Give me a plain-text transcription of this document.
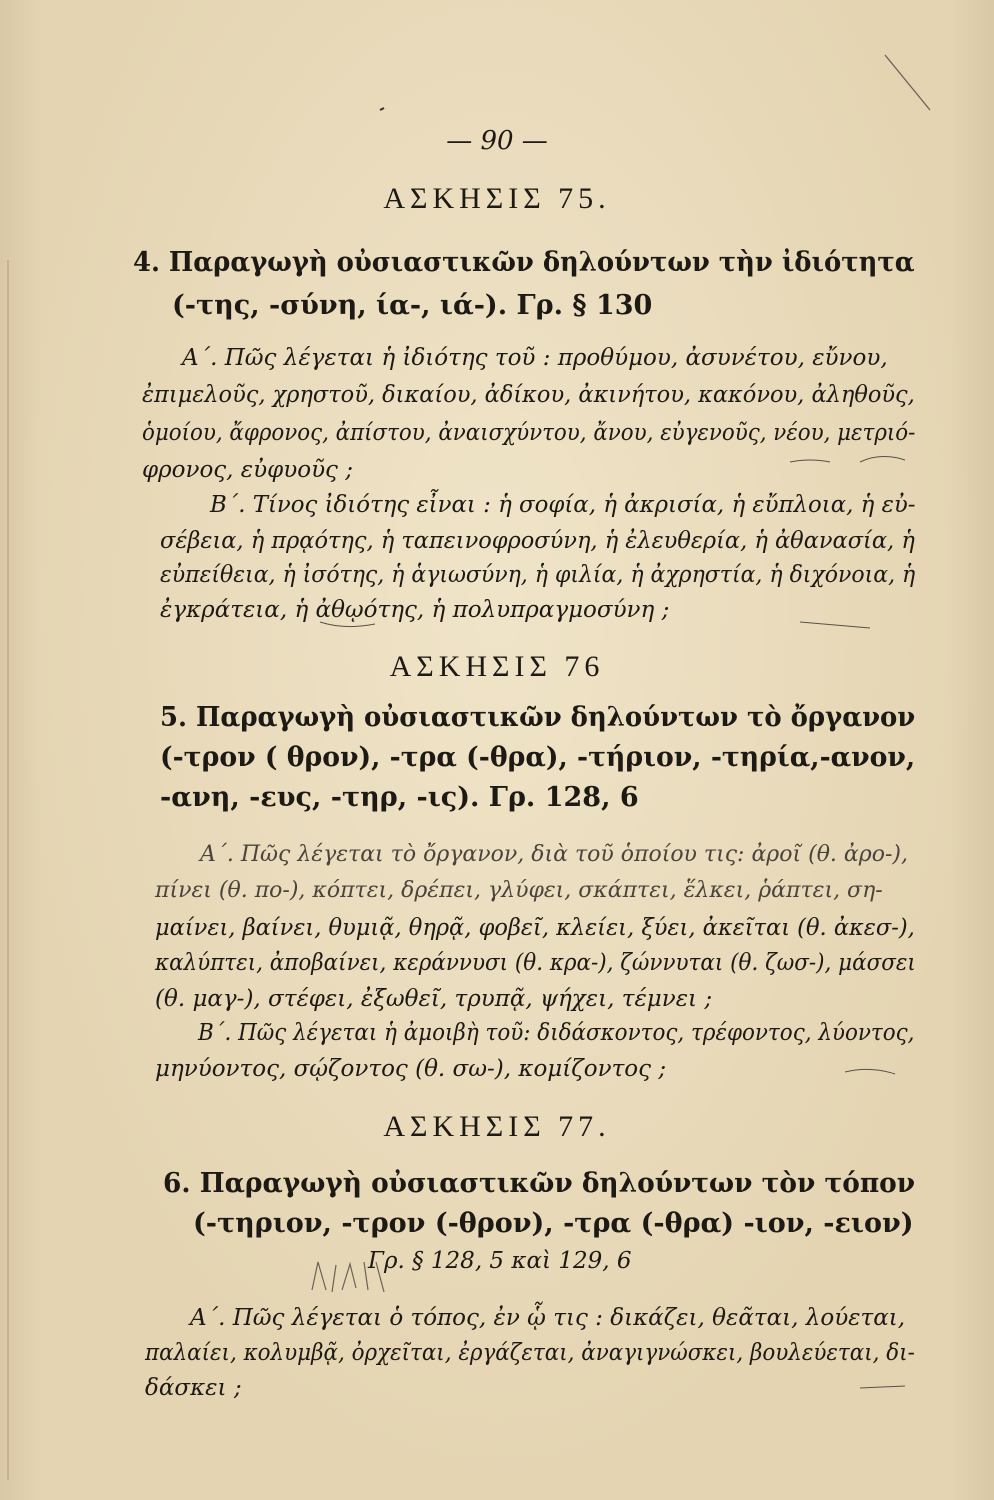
— 90 —
ΑΣΚΗΣΙΣ 75.
4. Παραγωγὴ οὐσιαστικῶν δηλούντων τὴν ἰδιότητα
(-της, -σύνη, ία-, ιά-). Γρ. § 130
Α΄. Πῶς λέγεται ἡ ἰδιότης τοῦ : προθύμου, ἀσυνέτου, εὔνου,
ἐπιμελοῦς, χρηστοῦ, δικαίου, ἀδίκου, ἀκινήτου, κακόνου, ἀληθοῦς,
ὁμοίου, ἄφρονος, ἀπίστου, ἀναισχύντου, ἄνου, εὐγενοῦς, νέου, μετριό-
φρονος, εὐφυοῦς ;
Β΄. Τίνος ἰδιότης εἶναι : ἡ σοφία, ἡ ἀκρισία, ἡ εὔπλοια, ἡ εὐ-
σέβεια, ἡ πρᾳότης, ἡ ταπεινοφροσύνη, ἡ ἐλευθερία, ἡ ἀθανασία, ἡ
εὐπείθεια, ἡ ἰσότης, ἡ ἁγιωσύνη, ἡ φιλία, ἡ ἀχρηστία, ἡ διχόνοια, ἡ
ἐγκράτεια, ἡ ἀθῳότης, ἡ πολυπραγμοσύνη ;
ΑΣΚΗΣΙΣ 76
5. Παραγωγὴ οὐσιαστικῶν δηλούντων τὸ ὄργανον
(-τρον ( θρον), -τρα (-θρα), -τήριον, -τηρία,-ανον,
-ανη, -ευς, -τηρ, -ις). Γρ. 128, 6
Α΄. Πῶς λέγεται τὸ ὄργανον, διὰ τοῦ ὁποίου τις: ἀροῖ (θ. ἀρο-),
πίνει (θ. πο-), κόπτει, δρέπει, γλύφει, σκάπτει, ἕλκει, ῥάπτει, ση-
μαίνει, βαίνει, θυμιᾷ, θηρᾷ, φοβεῖ, κλείει, ξύει, ἀκεῖται (θ. ἀκεσ-),
καλύπτει, ἀποβαίνει, κεράννυσι (θ. κρα-), ζώννυται (θ. ζωσ-), μάσσει
(θ. μαγ-), στέφει, ἐξωθεῖ, τρυπᾷ, ψήχει, τέμνει ;
Β΄. Πῶς λέγεται ἡ ἀμοιβὴ τοῦ: διδάσκοντος, τρέφοντος, λύοντος,
μηνύοντος, σῴζοντος (θ. σω-), κομίζοντος ;
ΑΣΚΗΣΙΣ 77.
6. Παραγωγὴ οὐσιαστικῶν δηλούντων τὸν τόπον
(-τηριον, -τρον (-θρον), -τρα (-θρα) -ιον, -ειον)
Γρ. § 128, 5 καὶ 129, 6
Α΄. Πῶς λέγεται ὁ τόπος, ἐν ᾧ τις : δικάζει, θεᾶται, λούεται,
παλαίει, κολυμβᾷ, ὀρχεῖται, ἐργάζεται, ἀναγιγνώσκει, βουλεύεται, δι-
δάσκει ;
